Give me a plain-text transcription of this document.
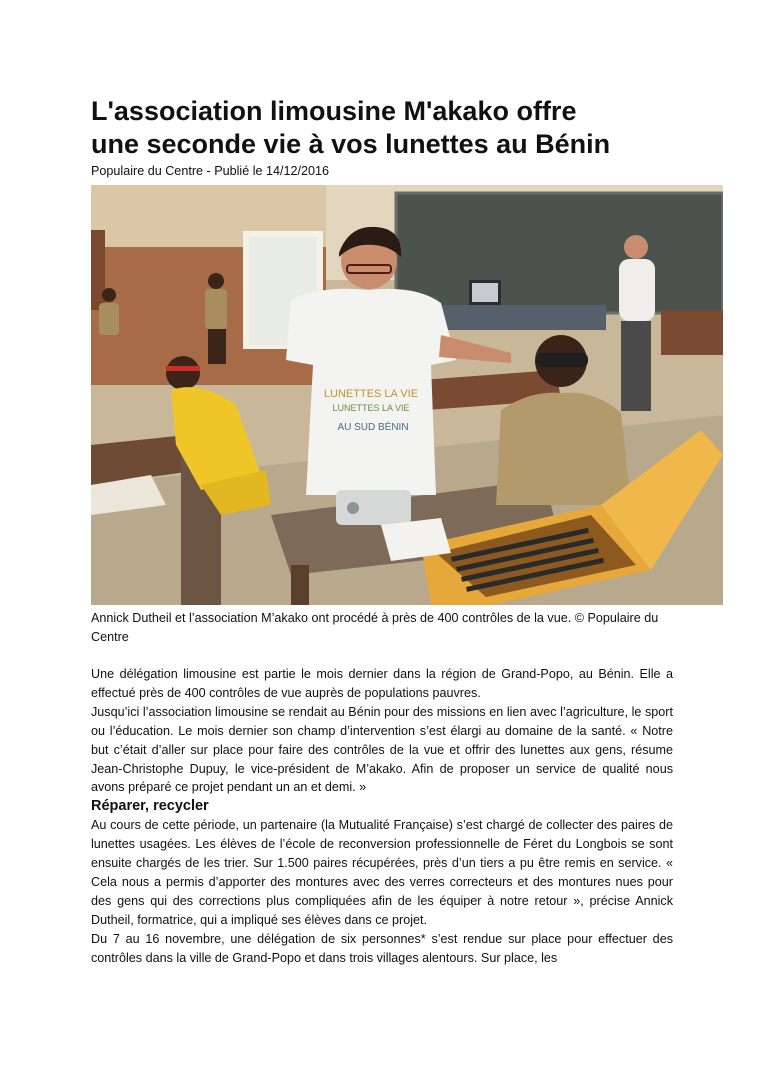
L'association limousine M'akako offre
une seconde vie à vos lunettes au Bénin
Populaire du Centre - Publié le 14/12/2016
LUNETTES LA VIE
LUNETTES LA VIE
AU SUD BÉNIN
Annick Dutheil et l’association M’akako ont procédé à près de 400 contrôles de la vue. © Populaire du Centre

Une délégation limousine est partie le mois dernier dans la région de Grand-Popo, au Bénin. Elle a effectué près de 400 contrôles de vue auprès de populations pauvres.

Jusqu’ici l’association limousine se rendait au Bénin pour des missions en lien avec l’agriculture, le sport ou l’éducation. Le mois dernier son champ d’intervention s’est élargi au domaine de la santé. « Notre but c’était d’aller sur place pour faire des contrôles de la vue et offrir des lunettes aux gens, résume Jean-Christophe Dupuy, le vice-président de M’akako. Afin de proposer un service de qualité nous avons préparé ce projet pendant un an et demi. »

Réparer, recycler

Au cours de cette période, un partenaire (la Mutualité Française) s’est chargé de collecter des paires de lunettes usagées. Les élèves de l’école de reconversion professionnelle de Féret du Longbois se sont ensuite chargés de les trier. Sur 1.500 paires récupérées, près d’un tiers a pu être remis en service. « Cela nous a permis d’apporter des montures avec des verres correcteurs et des montures nues pour des gens qui des corrections plus compliquées afin de les équiper à notre retour », précise Annick Dutheil, formatrice, qui a impliqué ses élèves dans ce projet.

Du 7 au 16 novembre, une délégation de six personnes* s’est rendue sur place pour effectuer des contrôles dans la ville de Grand-Popo et dans trois villages alentours. Sur place, les
